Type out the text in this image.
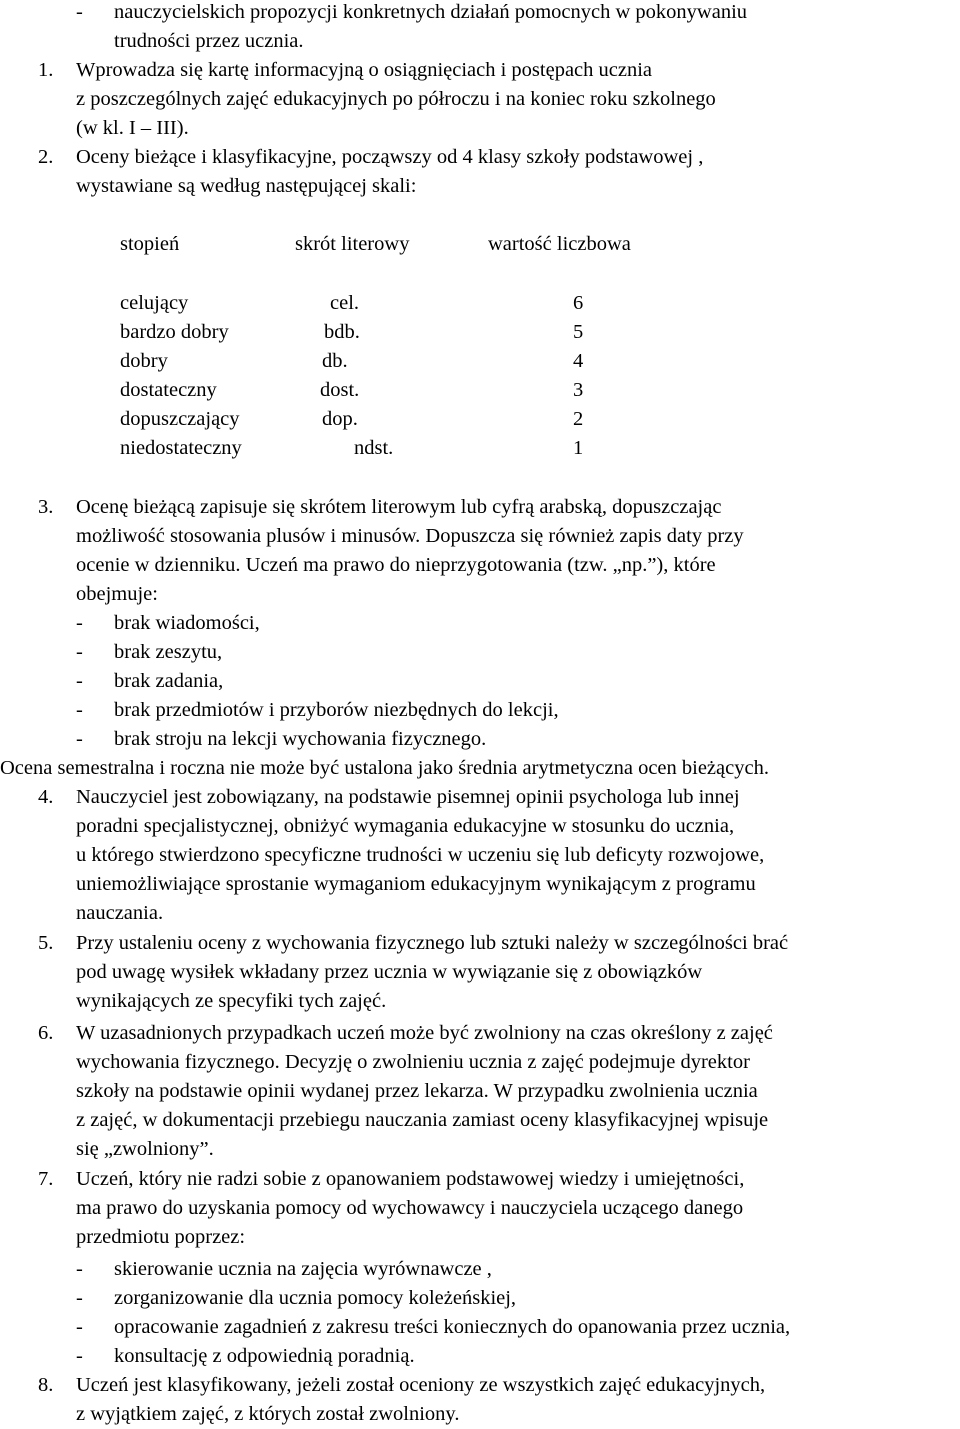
- nauczycielskich propozycji konkretnych działań pomocnych w pokonywaniu
trudności przez ucznia.
1. Wprowadza się kartę informacyjną o osiągnięciach i postępach ucznia
z poszczególnych zajęć edukacyjnych po półroczu i na koniec roku szkolnego
(w kl. I – III).
2. Oceny bieżące i klasyfikacyjne, począwszy od 4 klasy szkoły podstawowej ,
wystawiane są według następującej skali:
stopień	skrót literowy	wartość liczbowa
celujący	cel.	6
bardzo dobry	bdb.	5
dobry	db.	4
dostateczny	dost.	3
dopuszczający	dop.	2
niedostateczny	ndst.	1
3. Ocenę bieżącą zapisuje się skrótem literowym lub cyfrą arabską, dopuszczając
możliwość stosowania plusów i minusów. Dopuszcza się również zapis daty przy
ocenie w dzienniku. Uczeń ma prawo do nieprzygotowania (tzw. „np.”), które
obejmuje:
- brak wiadomości,
- brak zeszytu,
- brak zadania,
- brak przedmiotów i przyborów niezbędnych do lekcji,
- brak stroju na lekcji wychowania fizycznego.
Ocena semestralna i roczna nie może być ustalona jako średnia arytmetyczna ocen bieżących.
4. Nauczyciel jest zobowiązany, na podstawie pisemnej opinii psychologa lub innej
poradni specjalistycznej, obniżyć wymagania edukacyjne w stosunku do ucznia,
u którego stwierdzono specyficzne trudności w uczeniu się lub deficyty rozwojowe,
uniemożliwiające sprostanie wymaganiom edukacyjnym wynikającym z programu
nauczania.
5. Przy ustaleniu oceny z wychowania fizycznego lub sztuki należy w szczególności brać
pod uwagę wysiłek wkładany przez ucznia w wywiązanie się z obowiązków
wynikających ze specyfiki tych zajęć.
6. W uzasadnionych przypadkach uczeń może być zwolniony na czas określony z zajęć
wychowania fizycznego. Decyzję o zwolnieniu ucznia z zajęć podejmuje dyrektor
szkoły na podstawie opinii wydanej przez lekarza. W przypadku zwolnienia ucznia
z zajęć, w dokumentacji przebiegu nauczania zamiast oceny klasyfikacyjnej wpisuje
się „zwolniony”.
7. Uczeń, który nie radzi sobie z opanowaniem podstawowej wiedzy i umiejętności,
ma prawo do uzyskania pomocy od wychowawcy i nauczyciela uczącego danego
przedmiotu poprzez:
- skierowanie ucznia na zajęcia wyrównawcze ,
- zorganizowanie dla ucznia pomocy koleżeńskiej,
- opracowanie zagadnień z zakresu treści koniecznych do opanowania przez ucznia,
- konsultację z odpowiednią poradnią.
8. Uczeń jest klasyfikowany, jeżeli został oceniony ze wszystkich zajęć edukacyjnych,
z wyjątkiem zajęć, z których został zwolniony.
